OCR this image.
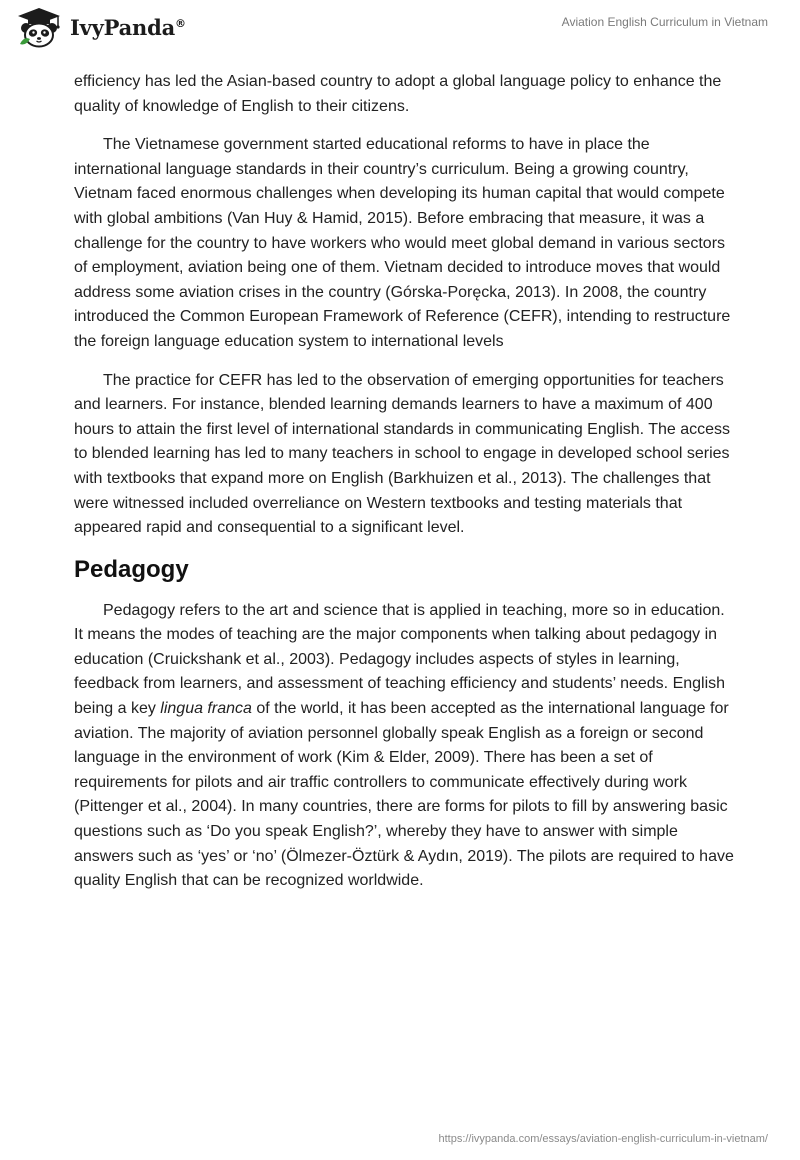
IvyPanda®	Aviation English Curriculum in Vietnam

efficiency has led the Asian-based country to adopt a global language policy to enhance the quality of knowledge of English to their citizens.

The Vietnamese government started educational reforms to have in place the international language standards in their country’s curriculum. Being a growing country, Vietnam faced enormous challenges when developing its human capital that would compete with global ambitions (Van Huy & Hamid, 2015). Before embracing that measure, it was a challenge for the country to have workers who would meet global demand in various sectors of employment, aviation being one of them. Vietnam decided to introduce moves that would address some aviation crises in the country (Górska-Poręcka, 2013). In 2008, the country introduced the Common European Framework of Reference (CEFR), intending to restructure the foreign language education system to international levels

The practice for CEFR has led to the observation of emerging opportunities for teachers and learners. For instance, blended learning demands learners to have a maximum of 400 hours to attain the first level of international standards in communicating English. The access to blended learning has led to many teachers in school to engage in developed school series with textbooks that expand more on English (Barkhuizen et al., 2013). The challenges that were witnessed included overreliance on Western textbooks and testing materials that appeared rapid and consequential to a significant level.

Pedagogy

Pedagogy refers to the art and science that is applied in teaching, more so in education. It means the modes of teaching are the major components when talking about pedagogy in education (Cruickshank et al., 2003). Pedagogy includes aspects of styles in learning, feedback from learners, and assessment of teaching efficiency and students’ needs. English being a key lingua franca of the world, it has been accepted as the international language for aviation. The majority of aviation personnel globally speak English as a foreign or second language in the environment of work (Kim & Elder, 2009). There has been a set of requirements for pilots and air traffic controllers to communicate effectively during work (Pittenger et al., 2004). In many countries, there are forms for pilots to fill by answering basic questions such as ‘Do you speak English?’, whereby they have to answer with simple answers such as ‘yes’ or ‘no’ (Ölmezer-Öztürk & Aydın, 2019). The pilots are required to have quality English that can be recognized worldwide.

https://ivypanda.com/essays/aviation-english-curriculum-in-vietnam/
